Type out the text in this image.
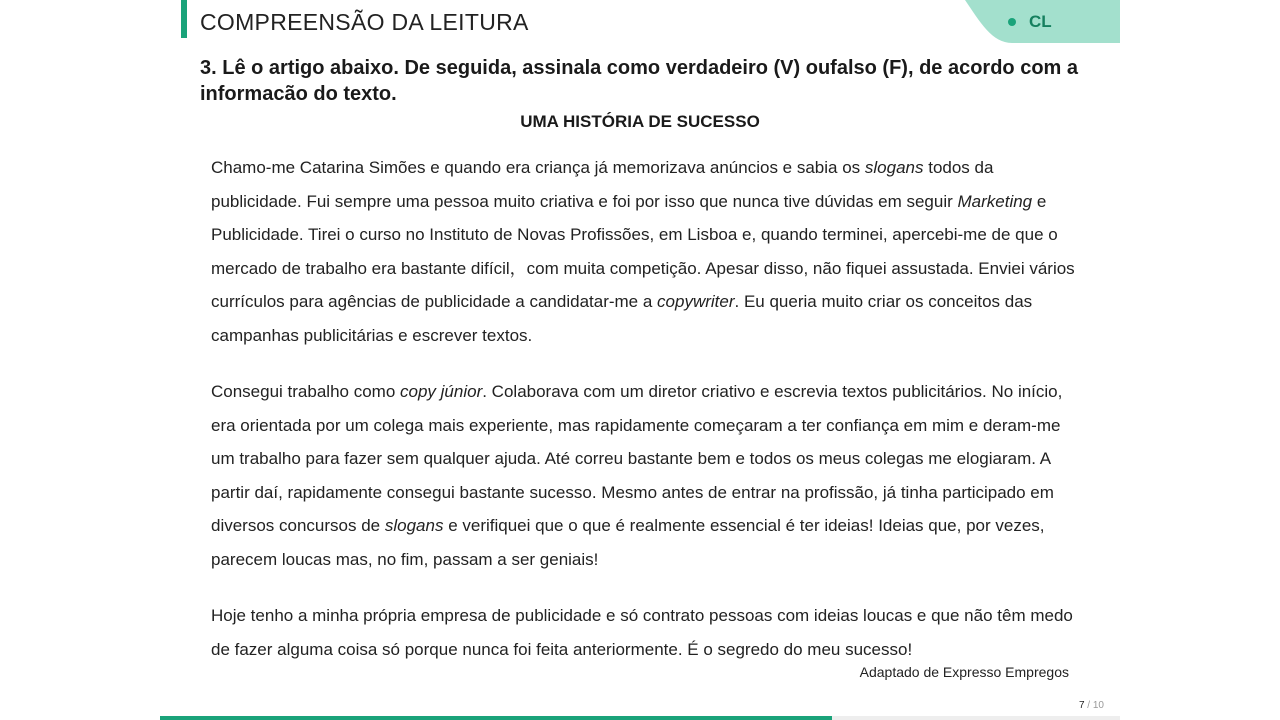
COMPREENSÃO DA LEITURA	CL
3. Lê o artigo abaixo. De seguida, assinala como verdadeiro (V) oufalso (F), de acordo com a informacão do texto.
UMA HISTÓRIA DE SUCESSO
Chamo-me Catarina Simões e quando era criança já memorizava anúncios e sabia os slogans todos da publicidade. Fui sempre uma pessoa muito criativa e foi por isso que nunca tive dúvidas em seguir Marketing e Publicidade. Tirei o curso no Instituto de Novas Profissões, em Lisboa e, quando terminei, apercebi-me de que o mercado de trabalho era bastante difícil，com muita competição. Apesar disso, não fiquei assustada. Enviei vários currículos para agências de publicidade a candidatar-me a copywriter. Eu queria muito criar os conceitos das campanhas publicitárias e escrever textos.
Consegui trabalho como copy júnior. Colaborava com um diretor criativo e escrevia textos publicitários. No início, era orientada por um colega mais experiente, mas rapidamente começaram a ter confiança em mim e deram-me um trabalho para fazer sem qualquer ajuda. Até correu bastante bem e todos os meus colegas me elogiaram. A partir daí, rapidamente consegui bastante sucesso. Mesmo antes de entrar na profissão, já tinha participado em diversos concursos de slogans e verifiquei que o que é realmente essencial é ter ideias! Ideias que, por vezes, parecem loucas mas, no fim, passam a ser geniais!
Hoje tenho a minha própria empresa de publicidade e só contrato pessoas com ideias loucas e que não têm medo de fazer alguma coisa só porque nunca foi feita anteriormente. É o segredo do meu sucesso!
Adaptado de Expresso Empregos
7 / 10
